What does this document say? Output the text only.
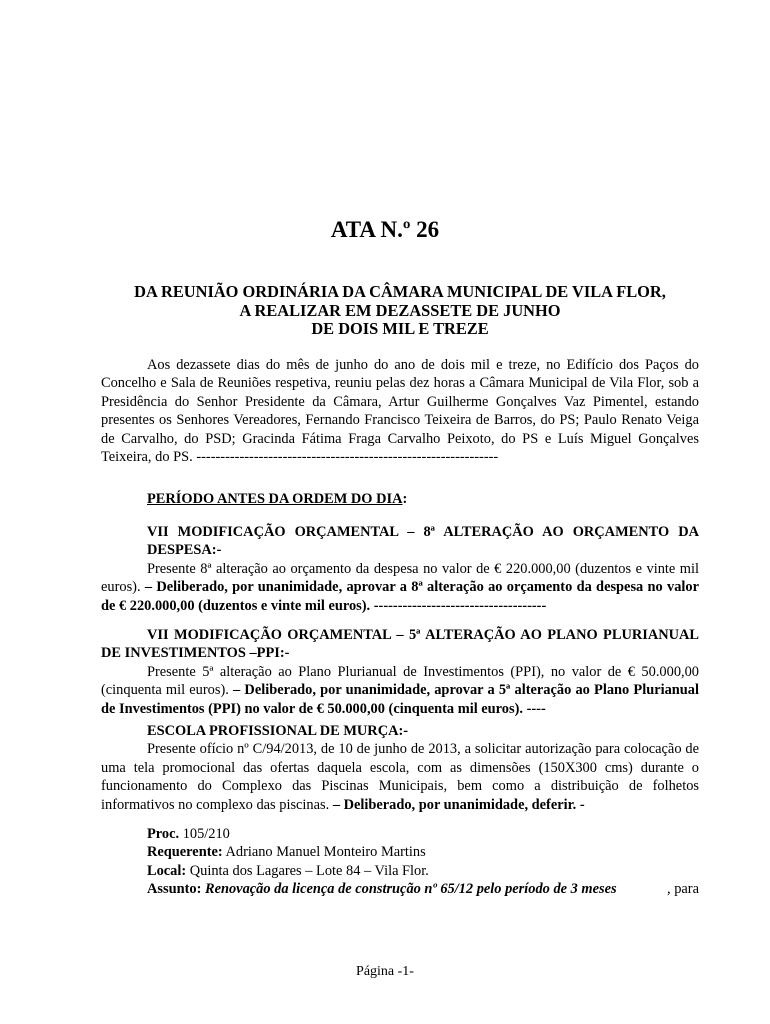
ATA N.º 26
DA REUNIÃO ORDINÁRIA DA CÂMARA MUNICIPAL DE VILA FLOR,
A REALIZAR EM DEZASSETE DE JUNHO
DE DOIS MIL E TREZE
Aos dezassete dias do mês de junho do ano de dois mil e treze, no Edifício dos Paços do Concelho e Sala de Reuniões respetiva, reuniu pelas dez horas a Câmara Municipal de Vila Flor, sob a Presidência do Senhor Presidente da Câmara, Artur Guilherme Gonçalves Vaz Pimentel, estando presentes os Senhores Vereadores, Fernando Francisco Teixeira de Barros, do PS; Paulo Renato Veiga de Carvalho, do PSD; Gracinda Fátima Fraga Carvalho Peixoto, do PS e Luís Miguel Gonçalves Teixeira, do PS. ---------------------------------------------------------------
PERÍODO ANTES DA ORDEM DO DIA:
VII MODIFICAÇÃO ORÇAMENTAL – 8ª ALTERAÇÃO AO ORÇAMENTO DA DESPESA:-
Presente 8ª alteração ao orçamento da despesa no valor de € 220.000,00 (duzentos e vinte mil euros). – Deliberado, por unanimidade, aprovar a 8ª alteração ao orçamento da despesa no valor de € 220.000,00 (duzentos e vinte mil euros). ------------------------------------
VII MODIFICAÇÃO ORÇAMENTAL – 5ª ALTERAÇÃO AO PLANO PLURIANUAL DE INVESTIMENTOS –PPI:-
Presente 5ª alteração ao Plano Plurianual de Investimentos (PPI), no valor de € 50.000,00 (cinquenta mil euros). – Deliberado, por unanimidade, aprovar a 5ª alteração ao Plano Plurianual de Investimentos (PPI) no valor de € 50.000,00 (cinquenta mil euros). ----
ESCOLA PROFISSIONAL DE MURÇA:-
Presente ofício nº C/94/2013, de 10 de junho de 2013, a solicitar autorização para colocação de uma tela promocional das ofertas daquela escola, com as dimensões (150X300 cms) durante o funcionamento do Complexo das Piscinas Municipais, bem como a distribuição de folhetos informativos no complexo das piscinas. – Deliberado, por unanimidade, deferir. -
Proc. 105/210
Requerente: Adriano Manuel Monteiro Martins
Local: Quinta dos Lagares – Lote 84 – Vila Flor.
Assunto:
Renovação da licença de construção nº 65/12 pelo período de 3 meses	, para
Página -1-
